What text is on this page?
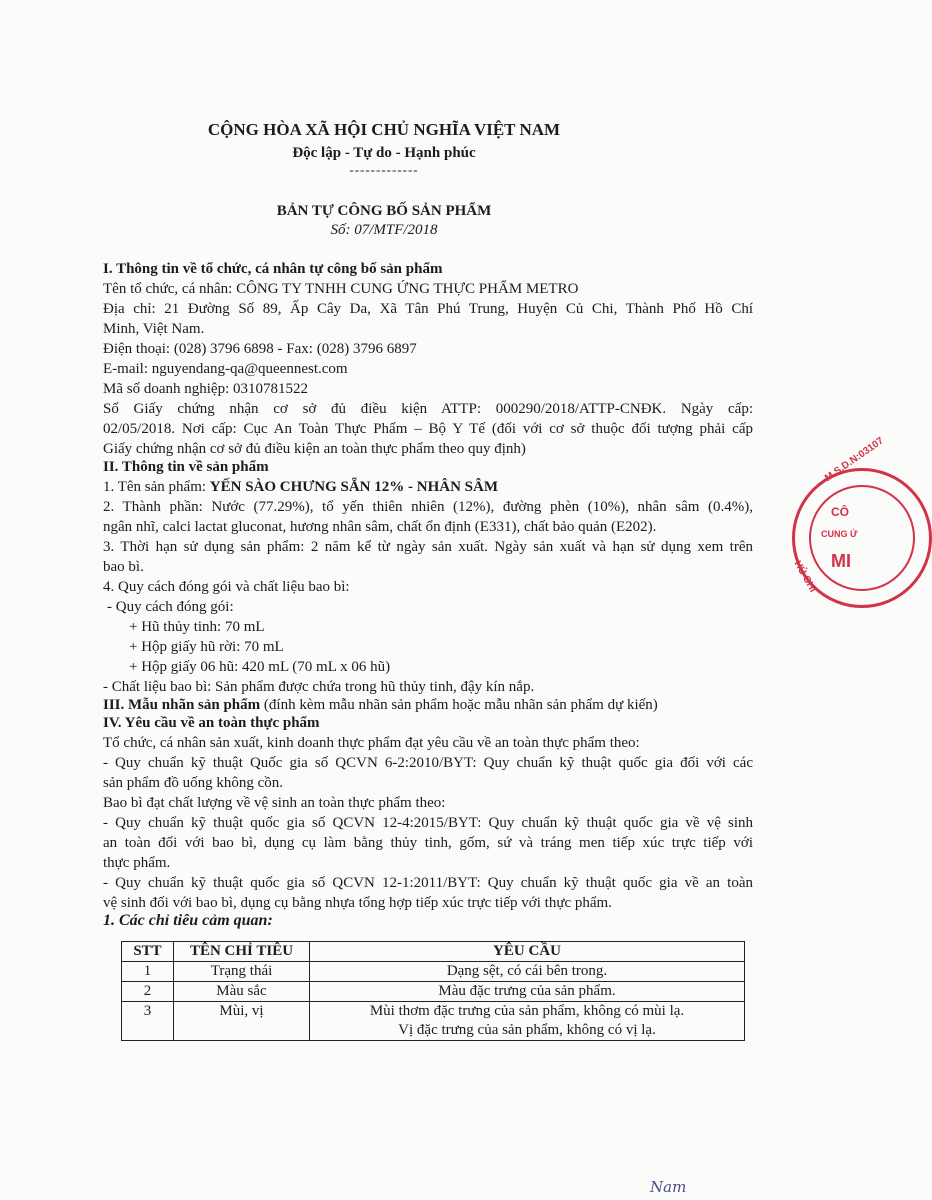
CỘNG HÒA XÃ HỘI CHỦ NGHĨA VIỆT NAM
Độc lập - Tự do - Hạnh phúc
-------------
BẢN TỰ CÔNG BỐ SẢN PHẨM
Số: 07/MTF/2018
I. Thông tin về tổ chức, cá nhân tự công bố sản phẩm
Tên tổ chức, cá nhân: CÔNG TY TNHH CUNG ỨNG THỰC PHẨM METRO
Địa chỉ: 21 Đường Số 89, Ấp Cây Da, Xã Tân Phú Trung, Huyện Củ Chi, Thành Phố Hồ Chí
Minh, Việt Nam.
Điện thoại: (028) 3796 6898 - Fax: (028) 3796 6897
E-mail: nguyendang-qa@queennest.com
Mã số doanh nghiệp: 0310781522
Số Giấy chứng nhận cơ sở đủ điều kiện ATTP: 000290/2018/ATTP-CNĐK. Ngày cấp:
02/05/2018. Nơi cấp: Cục An Toàn Thực Phẩm – Bộ Y Tế (đối với cơ sở thuộc đối tượng phải cấp
Giấy chứng nhận cơ sở đủ điều kiện an toàn thực phẩm theo quy định)
II. Thông tin về sản phẩm
1. Tên sản phẩm: YẾN SÀO CHƯNG SẴN 12% - NHÂN SÂM
2. Thành phần: Nước (77.29%), tổ yến thiên nhiên (12%), đường phèn (10%), nhân sâm (0.4%),
ngân nhĩ, calci lactat gluconat, hương nhân sâm, chất ổn định (E331), chất bảo quản (E202).
3. Thời hạn sử dụng sản phẩm: 2 năm kể từ ngày sản xuất. Ngày sản xuất và hạn sử dụng xem trên
bao bì.
4. Quy cách đóng gói và chất liệu bao bì:
- Quy cách đóng gói:
+ Hũ thủy tinh: 70 mL
+ Hộp giấy hũ rời: 70 mL
+ Hộp giấy 06 hũ: 420 mL (70 mL x 06 hũ)
- Chất liệu bao bì: Sản phẩm được chứa trong hũ thủy tinh, đậy kín nắp.
III. Mẫu nhãn sản phẩm (đính kèm mẫu nhãn sản phẩm hoặc mẫu nhãn sản phẩm dự kiến)
IV. Yêu cầu về an toàn thực phẩm
Tổ chức, cá nhân sản xuất, kinh doanh thực phẩm đạt yêu cầu về an toàn thực phẩm theo:
- Quy chuẩn kỹ thuật Quốc gia số QCVN 6-2:2010/BYT: Quy chuẩn kỹ thuật quốc gia đối với các
sản phẩm đồ uống không cồn.
Bao bì đạt chất lượng về vệ sinh an toàn thực phẩm theo:
- Quy chuẩn kỹ thuật quốc gia số QCVN 12-4:2015/BYT: Quy chuẩn kỹ thuật quốc gia về vệ sinh
an toàn đối với bao bì, dụng cụ làm bằng thủy tinh, gốm, sứ và tráng men tiếp xúc trực tiếp với
thực phẩm.
- Quy chuẩn kỹ thuật quốc gia số QCVN 12-1:2011/BYT: Quy chuẩn kỹ thuật quốc gia về an toàn
vệ sinh đối với bao bì, dụng cụ bằng nhựa tổng hợp tiếp xúc trực tiếp với thực phẩm.
1. Các chỉ tiêu cảm quan:
STT	TÊN CHỈ TIÊU	YÊU CẦU
1	Trạng thái	Dạng sệt, có cái bên trong.
2	Màu sắc	Màu đặc trưng của sản phẩm.
3	Mùi, vị	Mùi thơm đặc trưng của sản phẩm, không có mùi lạ.
Vị đặc trưng của sản phẩm, không có vị lạ.
M.S.D.N:03107
CÔ
CUNG Ứ
MI
HỦ CHI
Nam
